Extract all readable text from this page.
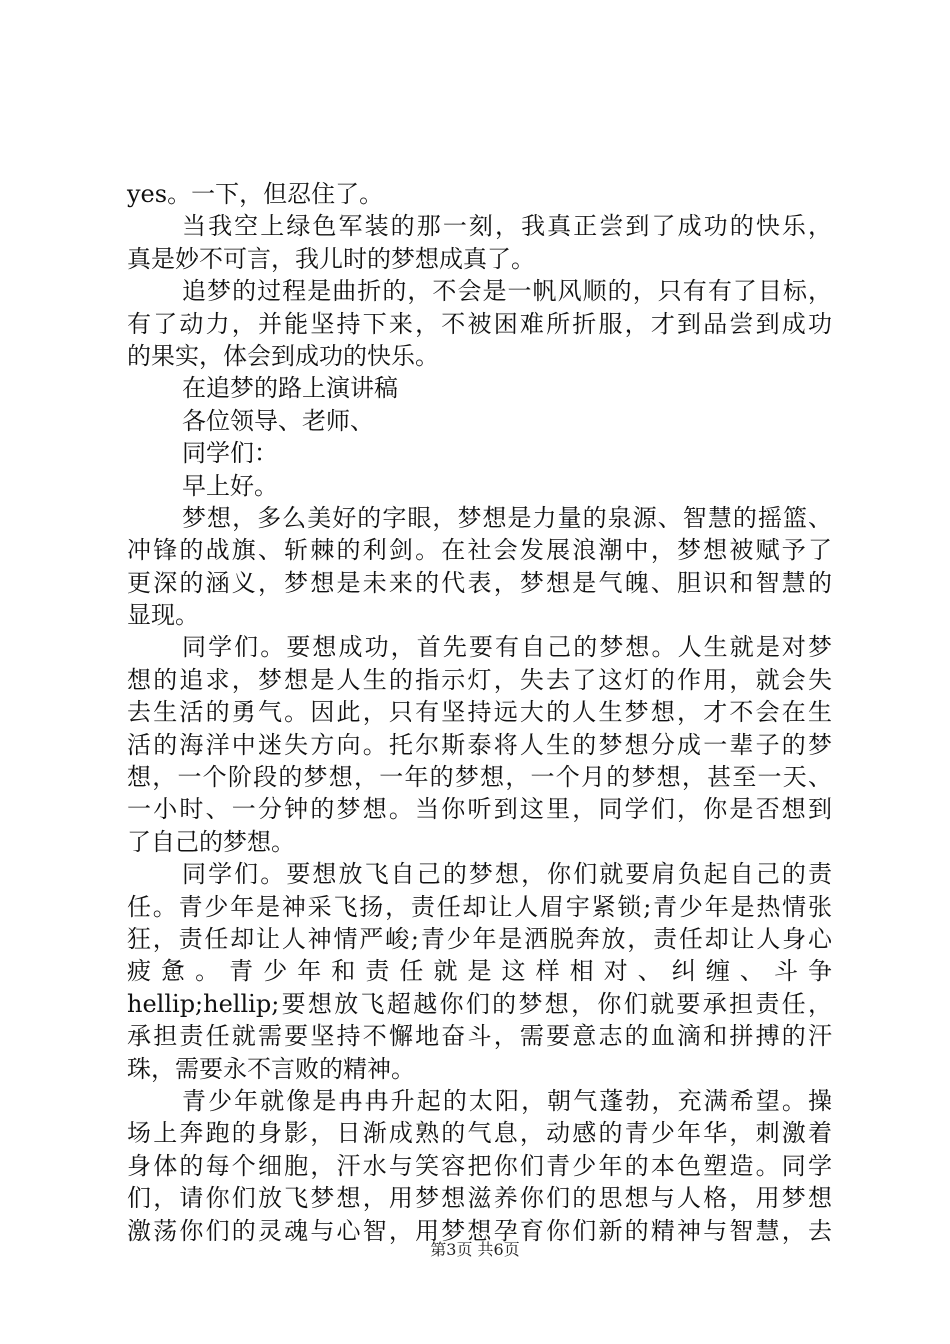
yes。一下，但忍住了。
当我空上绿色军装的那一刻，我真正尝到了成功的快乐，
真是妙不可言，我儿时的梦想成真了。
追梦的过程是曲折的，不会是一帆风顺的，只有有了目标，
有了动力，并能坚持下来，不被困难所折服，才到品尝到成功
的果实，体会到成功的快乐。
在追梦的路上演讲稿
各位领导、老师、
同学们：
早上好。
梦想，多么美好的字眼，梦想是力量的泉源、智慧的摇篮、
冲锋的战旗、斩棘的利剑。在社会发展浪潮中，梦想被赋予了
更深的涵义，梦想是未来的代表，梦想是气魄、胆识和智慧的
显现。
同学们。要想成功，首先要有自己的梦想。人生就是对梦
想的追求，梦想是人生的指示灯，失去了这灯的作用，就会失
去生活的勇气。因此，只有坚持远大的人生梦想，才不会在生
活的海洋中迷失方向。托尔斯泰将人生的梦想分成一辈子的梦
想，一个阶段的梦想，一年的梦想，一个月的梦想，甚至一天、
一小时、一分钟的梦想。当你听到这里，同学们，你是否想到
了自己的梦想。
同学们。要想放飞自己的梦想，你们就要肩负起自己的责
任。青少年是神采飞扬，责任却让人眉宇紧锁;青少年是热情张
狂，责任却让人神情严峻;青少年是洒脱奔放，责任却让人身心
疲 惫 。 青 少 年 和 责 任 就 是 这 样 相 对 、 纠 缠 、 斗 争
hellip;hellip;要想放飞超越你们的梦想，你们就要承担责任，
承担责任就需要坚持不懈地奋斗，需要意志的血滴和拼搏的汗
珠，需要永不言败的精神。
青少年就像是冉冉升起的太阳，朝气蓬勃，充满希望。操
场上奔跑的身影，日渐成熟的气息，动感的青少年华，刺激着
身体的每个细胞，汗水与笑容把你们青少年的本色塑造。同学
们，请你们放飞梦想，用梦想滋养你们的思想与人格，用梦想
激荡你们的灵魂与心智，用梦想孕育你们新的精神与智慧，去
第3页 共6页
